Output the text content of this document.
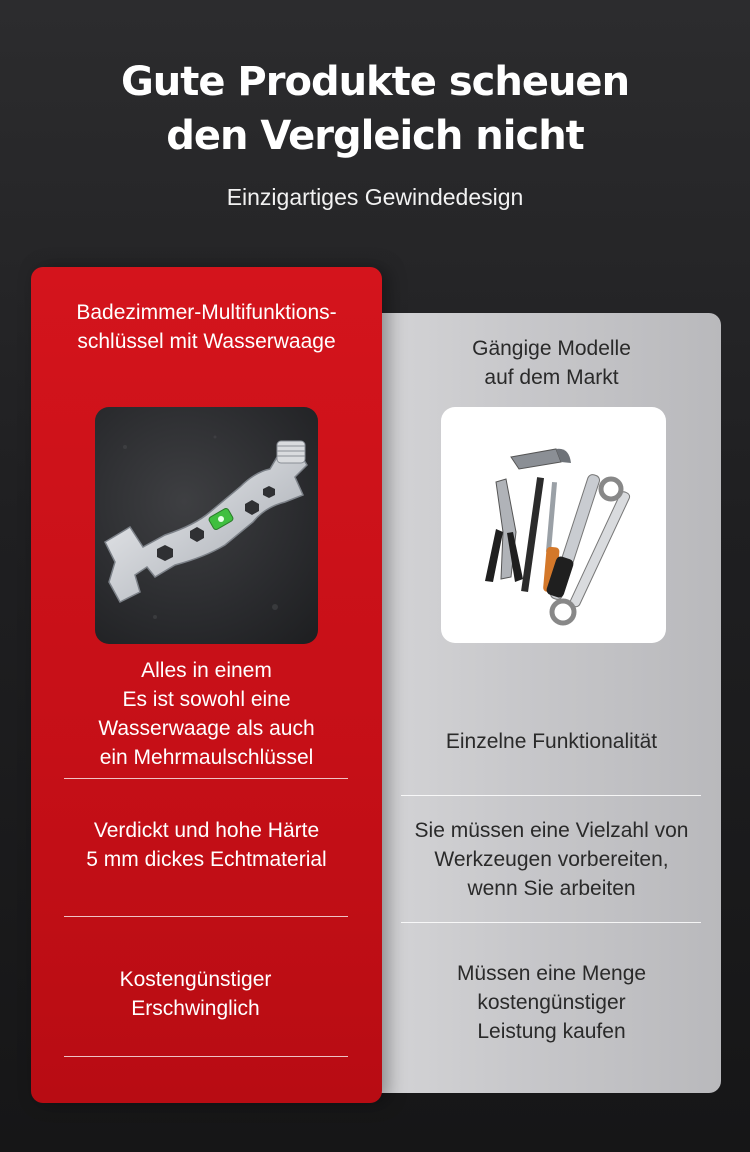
Gute Produkte scheuen
den Vergleich nicht
Einzigartiges Gewindedesign
Badezimmer-Multifunktions-
schlüssel mit Wasserwaage
Alles in einem
Es ist sowohl eine
Wasserwaage als auch
ein Mehrmaulschlüssel
Verdickt und hohe Härte
5 mm dickes Echtmaterial
Kostengünstiger
Erschwinglich
Gängige Modelle
auf dem Markt
Einzelne Funktionalität
Sie müssen eine Vielzahl von
Werkzeugen vorbereiten,
wenn Sie arbeiten
Müssen eine Menge
kostengünstiger
Leistung kaufen
